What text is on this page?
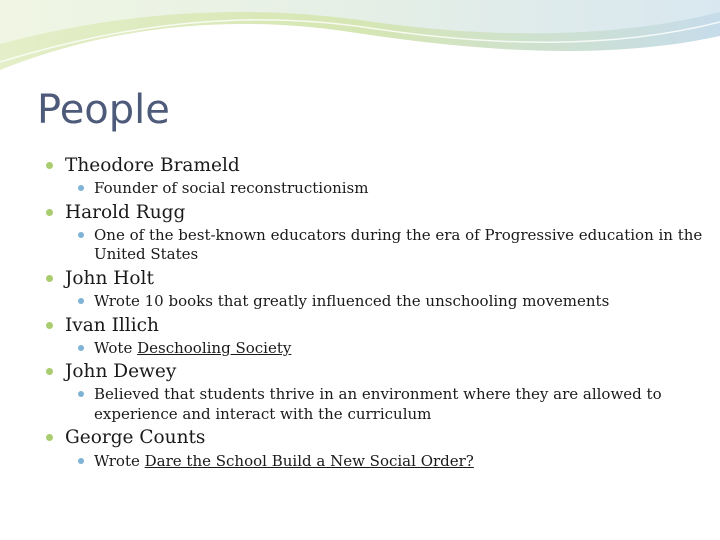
People
Theodore Brameld
Founder of social reconstructionism
Harold Rugg
One of the best-known educators during the era of Progressive education in the United States
John Holt
Wrote 10 books that greatly influenced the unschooling movements
Ivan Illich
Wote Deschooling Society
John Dewey
Believed that students thrive in an environment where they are allowed to experience and interact with the curriculum
George Counts
Wrote Dare the School Build a New Social Order?
